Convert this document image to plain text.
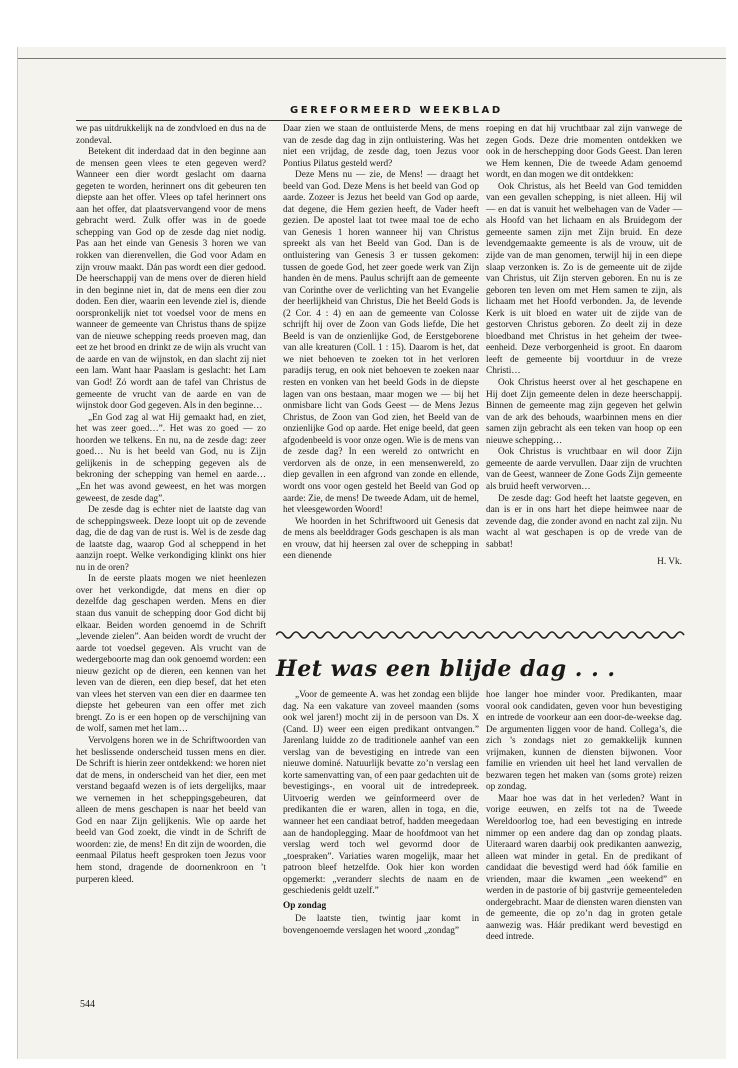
GEREFORMEERD WEEKBLAD

we pas uitdrukkelijk na de zondvloed en dus na de zondeval.

Betekent dit inderdaad dat in den beginne aan de mensen geen vlees te eten gegeven werd? Wanneer een dier wordt geslacht om daarna gegeten te worden, herinnert ons dit gebeuren ten diepste aan het offer. Vlees op tafel herinnert ons aan het offer, dat plaatsvervangend voor de mens gebracht werd. Zulk offer was in de goede schepping van God op de zesde dag niet nodig. Pas aan het einde van Genesis 3 horen we van rokken van dierenvellen, die God voor Adam en zijn vrouw maakt. Dán pas wordt een dier gedood. De heerschappij van de mens over de dieren hield in den beginne niet in, dat de mens een dier zou doden. Een dier, waarin een levende ziel is, diende oorspronkelijk niet tot voedsel voor de mens en wanneer de gemeente van Christus thans de spijze van de nieuwe schepping reeds proeven mag, dan eet ze het brood en drinkt ze de wijn als vrucht van de aarde en van de wijnstok, en dan slacht zij niet een lam. Want haar Paaslam is geslacht: het Lam van God! Zó wordt aan de tafel van Christus de gemeente de vrucht van de aarde en van de wijnstok door God gegeven. Als in den beginne…

„En God zag al wat Hij gemaakt had, en ziet, het was zeer goed…”. Het was zo goed — zo hoorden we telkens. En nu, na de zesde dag: zeer goed… Nu is het beeld van God, nu is Zijn gelijkenis in de schepping gegeven als de bekroning der schepping van hemel en aarde… „En het was avond geweest, en het was morgen geweest, de zesde dag”.

De zesde dag is echter niet de laatste dag van de scheppingsweek. Deze loopt uit op de zevende dag, die de dag van de rust is. Wel is de zesde dag de laatste dag, waarop God al scheppend in het aanzijn roept. Welke verkondiging klinkt ons hier nu in de oren?

In de eerste plaats mogen we niet heenlezen over het verkondigde, dat mens en dier op dezelfde dag geschapen werden. Mens en dier staan dus vanuit de schepping door God dicht bij elkaar. Beiden worden genoemd in de Schrift „levende zielen”. Aan beiden wordt de vrucht der aarde tot voedsel gegeven. Als vrucht van de wedergeboorte mag dan ook genoemd worden: een nieuw gezicht op de dieren, een kennen van het leven van de dieren, een diep besef, dat het eten van vlees het sterven van een dier en daarmee ten diepste het gebeuren van een offer met zich brengt. Zo is er een hopen op de verschijning van de wolf, samen met het lam…

Vervolgens horen we in de Schriftwoorden van het beslissende onderscheid tussen mens en dier. De Schrift is hierin zeer ontdekkend: we horen niet dat de mens, in onderscheid van het dier, een met verstand begaafd wezen is of iets dergelijks, maar we vernemen in het scheppingsgebeuren, dat alleen de mens geschapen is naar het beeld van God en naar Zijn gelijkenis. Wie op aarde het beeld van God zoekt, die vindt in de Schrift de woorden: zie, de mens! En dit zijn de woorden, die eenmaal Pilatus heeft gesproken toen Jezus voor hem stond, dragende de doornenkroon en ’t purperen kleed.

Daar zien we staan de ontluisterde Mens, de mens van de zesde dag dag in zijn ontluistering. Was het niet een vrijdag, de zesde dag, toen Jezus voor Pontius Pilatus gesteld werd?

Deze Mens nu — zie, de Mens! — draagt het beeld van God. Deze Mens is het beeld van God op aarde. Zozeer is Jezus het beeld van God op aarde, dat degene, die Hem gezien heeft, de Vader heeft gezien. De apostel laat tot twee maal toe de echo van Genesis 1 horen wanneer hij van Christus spreekt als van het Beeld van God. Dan is de ontluistering van Genesis 3 er tussen gekomen: tussen de goede God, het zeer goede werk van Zijn handen èn de mens. Paulus schrijft aan de gemeente van Corinthe over de verlichting van het Evangelie der heerlijkheid van Christus, Die het Beeld Gods is (2 Cor. 4 : 4) en aan de gemeente van Colosse schrijft hij over de Zoon van Gods liefde, Die het Beeld is van de onzienlijke God, de Eerstgeborene van alle kreaturen (Coll. 1 : 15). Daarom is het, dat we niet behoeven te zoeken tot in het verloren paradijs terug, en ook niet behoeven te zoeken naar resten en vonken van het beeld Gods in de diepste lagen van ons bestaan, maar mogen we — bij het onmisbare licht van Gods Geest — de Mens Jezus Christus, de Zoon van God zien, het Beeld van de onzienlijke God op aarde. Het enige beeld, dat geen afgodenbeeld is voor onze ogen. Wie is de mens van de zesde dag? In een wereld zo ontwricht en verdorven als de onze, in een mensenwereld, zo diep gevallen in een afgrond van zonde en ellende, wordt ons voor ogen gesteld het Beeld van God op aarde: Zie, de mens! De tweede Adam, uit de hemel, het vleesgeworden Woord!

We hoorden in het Schriftwoord uit Genesis dat de mens als beelddrager Gods geschapen is als man en vrouw, dat hij heersen zal over de schepping in een dienende

roeping en dat hij vruchtbaar zal zijn vanwege de zegen Gods. Deze drie momenten ontdekken we ook in de herschepping door Gods Geest. Dan leren we Hem kennen, Die de tweede Adam genoemd wordt, en dan mogen we dit ontdekken:

Ook Christus, als het Beeld van God temidden van een gevallen schepping, is niet alleen. Hij wil — en dat is vanuit het welbehagen van de Vader — als Hoofd van het lichaam en als Bruidegom der gemeente samen zijn met Zijn bruid. En deze levendgemaakte gemeente is als de vrouw, uit de zijde van de man genomen, terwijl hij in een diepe slaap verzonken is. Zo is de gemeente uit de zijde van Christus, uit Zijn sterven geboren. En nu is ze geboren ten leven om met Hem samen te zijn, als lichaam met het Hoofd verbonden. Ja, de levende Kerk is uit bloed en water uit de zijde van de gestorven Christus geboren. Zo deelt zij in deze bloedband met Christus in het geheim der twee-eenheid. Deze verborgenheid is groot. En daarom leeft de gemeente bij voortduur in de vreze Christi…

Ook Christus heerst over al het geschapene en Hij doet Zijn gemeente delen in deze heerschappij. Binnen de gemeente mag zijn gegeven het gelwin van de ark des behouds, waarbinnen mens en dier samen zijn gebracht als een teken van hoop op een nieuwe schepping…

Ook Christus is vruchtbaar en wil door Zijn gemeente de aarde vervullen. Daar zijn de vruchten van de Geest, wanneer de Zone Gods Zijn gemeente als bruid heeft verworven…

De zesde dag: God heeft het laatste gegeven, en dan is er in ons hart het diepe heimwee naar de zevende dag, die zonder avond en nacht zal zijn. Nu wacht al wat geschapen is op de vrede van de sabbat!

H. Vk.

Het was een blijde dag . . .

„Voor de gemeente A. was het zondag een blijde dag. Na een vakature van zoveel maanden (soms ook wel jaren!) mocht zij in de persoon van Ds. X (Cand. IJ) weer een eigen predikant ontvangen.” Jarenlang luidde zo de traditionele aanhef van een verslag van de bevestiging en intrede van een nieuwe dominé. Natuurlijk bevatte zo’n verslag een korte samenvatting van, of een paar gedachten uit de bevestigings-, en vooral uit de intredepreek. Uitvoerig werden we geïnformeerd over de predikanten die er waren, allen in toga, en die, wanneer het een candiaat betrof, hadden meegedaan aan de handoplegging. Maar de hoofdmoot van het verslag werd toch wel gevormd door de „toespraken”. Variaties waren mogelijk, maar het patroon bleef hetzelfde. Ook hier kon worden opgemerkt: „veranderr slechts de naam en de geschiedenis geldt uzelf.”

Op zondag

De laatste tien, twintig jaar komt in bovengenoemde verslagen het woord „zondag”

hoe langer hoe minder voor. Predikanten, maar vooral ook candidaten, geven voor hun bevestiging en intrede de voorkeur aan een door-de-weekse dag. De argumenten liggen voor de hand. Collega’s, die zich ’s zondags niet zo gemakkelijk kunnen vrijmaken, kunnen de diensten bijwonen. Voor familie en vrienden uit heel het land vervallen de bezwaren tegen het maken van (soms grote) reizen op zondag.

Maar hoe was dat in het verleden? Want in vorige eeuwen, en zelfs tot na de Tweede Wereldoorlog toe, had een bevestiging en intrede nimmer op een andere dag dan op zondag plaats. Uiteraard waren daarbij ook predikanten aanwezig, alleen wat minder in getal. En de predikant of candidaat die bevestigd werd had óók familie en vrienden, maar die kwamen „een weekend” en werden in de pastorie of bij gastvrije gemeenteleden ondergebracht. Maar de diensten waren diensten van de gemeente, die op zo’n dag in groten getale aanwezig was. Háár predikant werd bevestigd en deed intrede.

544
